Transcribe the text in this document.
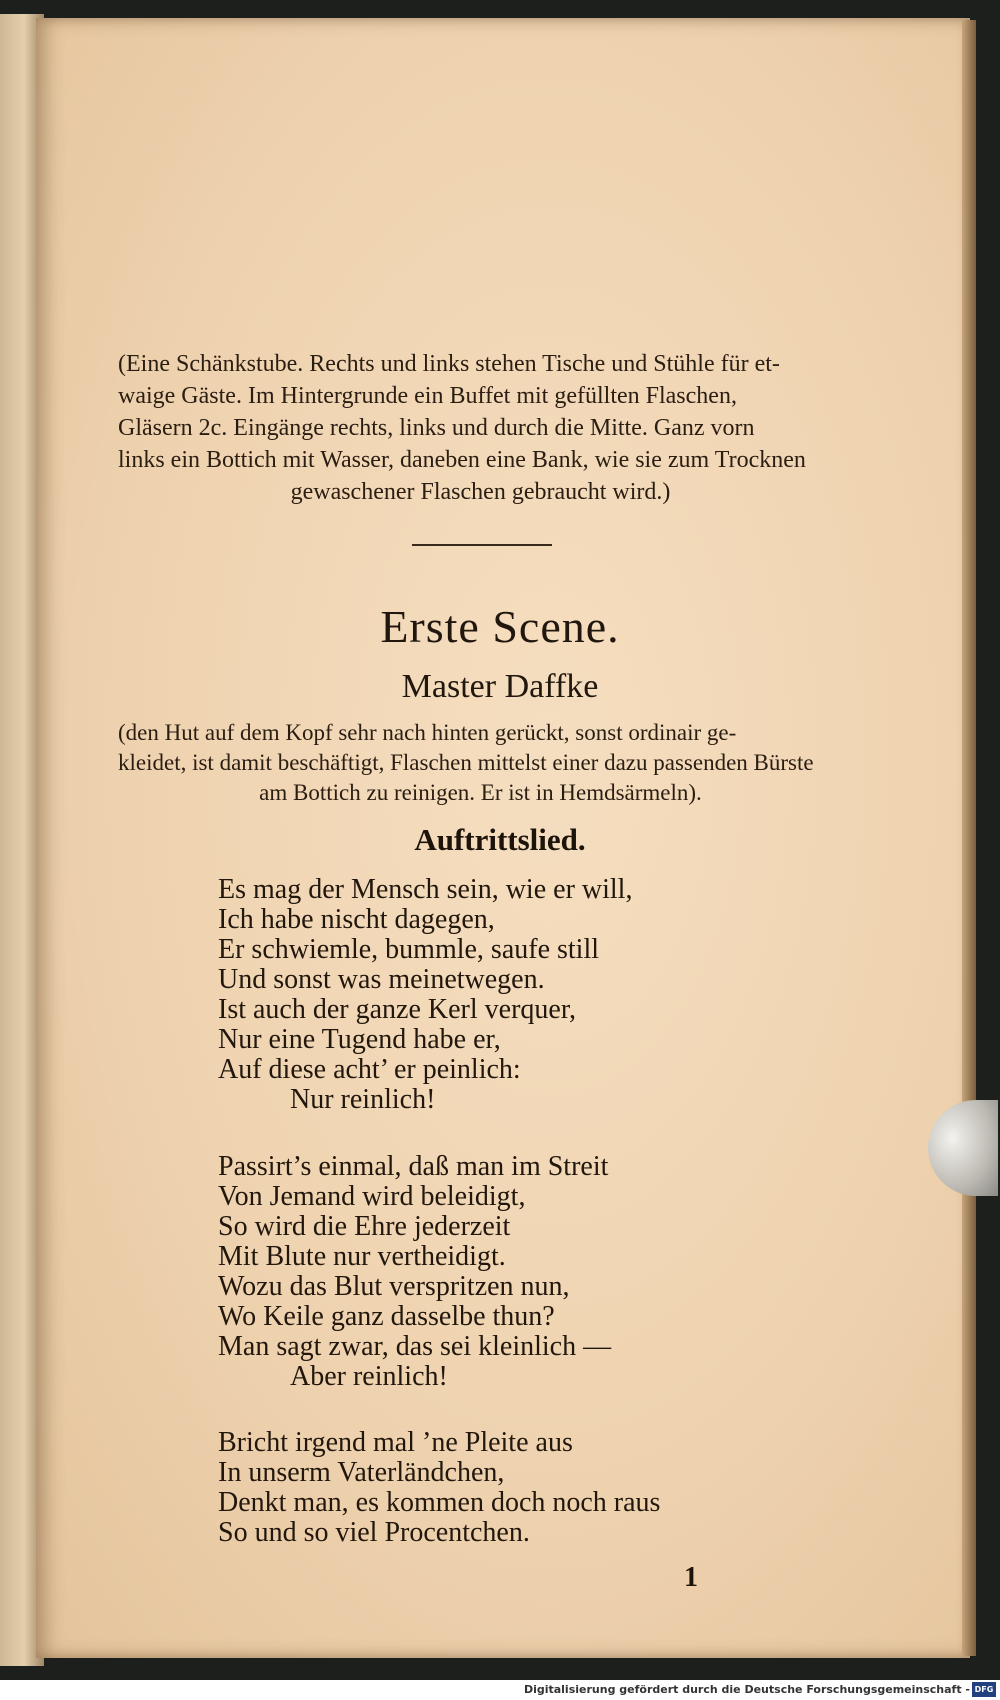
(Eine Schänkstube. Rechts und links stehen Tische und Stühle für et-
waige Gäste. Im Hintergrunde ein Buffet mit gefüllten Flaschen,
Gläsern 2c. Eingänge rechts, links und durch die Mitte. Ganz vorn
links ein Bottich mit Wasser, daneben eine Bank, wie sie zum Trocknen
gewaschener Flaschen gebraucht wird.)
Erste Scene.
Master Daffke
(den Hut auf dem Kopf sehr nach hinten gerückt, sonst ordinair ge-
kleidet, ist damit beschäftigt, Flaschen mittelst einer dazu passenden Bürste
am Bottich zu reinigen. Er ist in Hemdsärmeln).
Auftrittslied.
Es mag der Mensch sein, wie er will,
Ich habe nischt dagegen,
Er schwiemle, bummle, saufe still
Und sonst was meinetwegen.
Ist auch der ganze Kerl verquer,
Nur eine Tugend habe er,
Auf diese acht’ er peinlich:
Nur reinlich!
Passirt’s einmal, daß man im Streit
Von Jemand wird beleidigt,
So wird die Ehre jederzeit
Mit Blute nur vertheidigt.
Wozu das Blut verspritzen nun,
Wo Keile ganz dasselbe thun?
Man sagt zwar, das sei kleinlich —
Aber reinlich!
Bricht irgend mal ’ne Pleite aus
In unserm Vaterländchen,
Denkt man, es kommen doch noch raus
So und so viel Procentchen.
1
Digitalisierung gefördert durch die Deutsche Forschungsgemeinschaft - DFG
